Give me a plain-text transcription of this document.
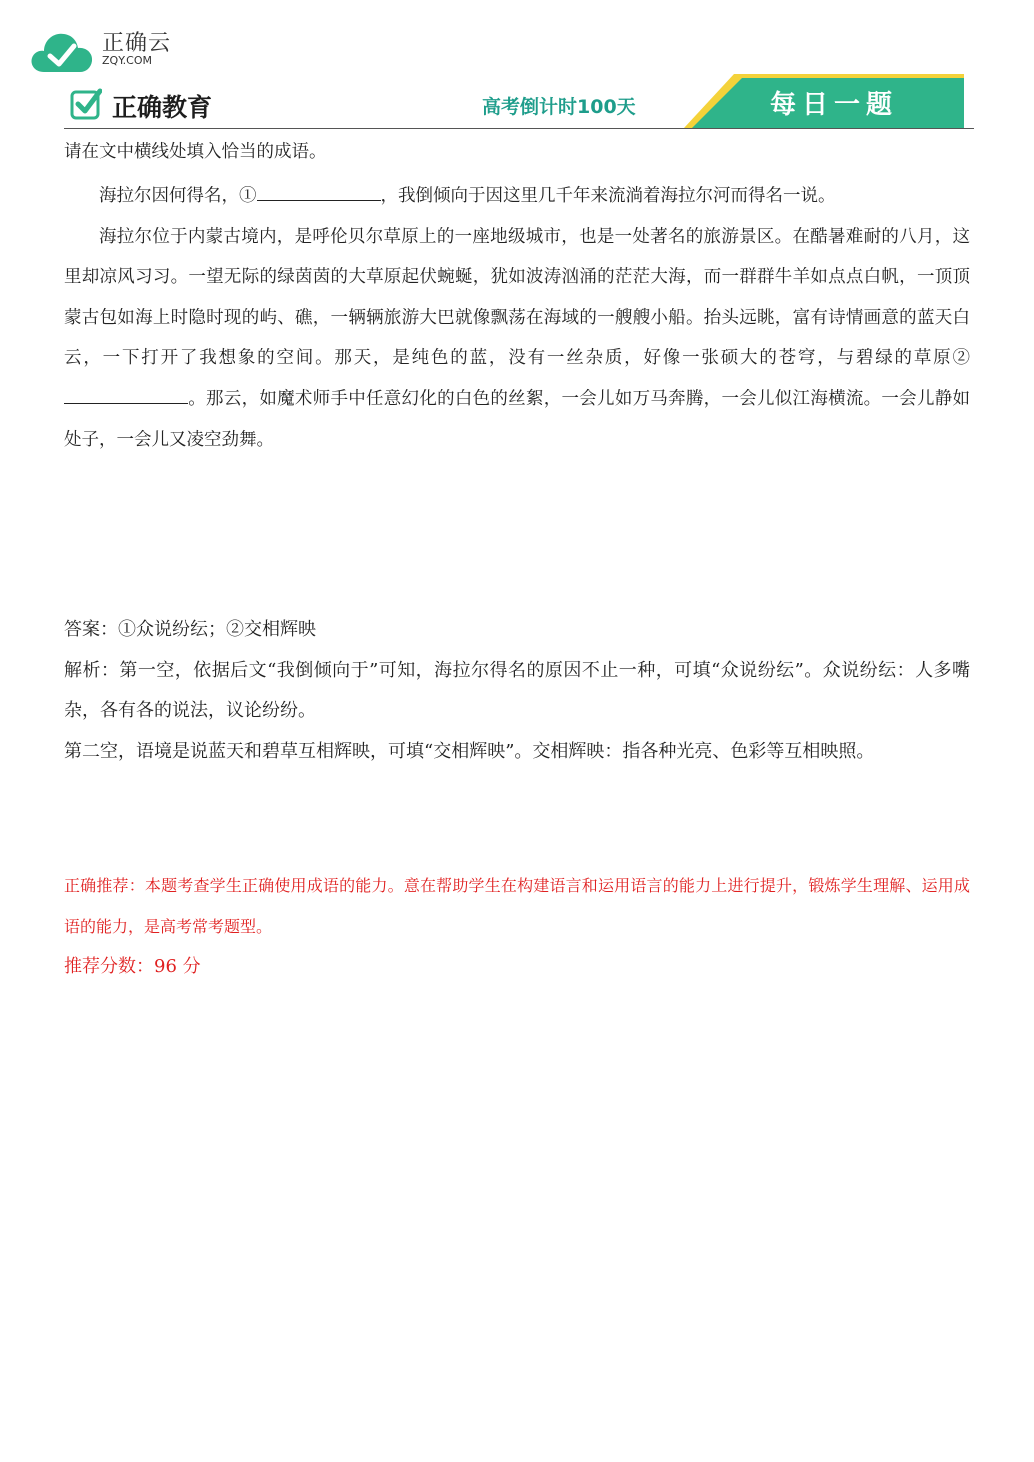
正确云
ZQY.COM
正确教育	高考倒计时100天	每日一题

请在文中横线处填入恰当的成语。

海拉尔因何得名，①	，我倒倾向于因这里几千年来流淌着海拉尔河而得名一说。

海拉尔位于内蒙古境内，是呼伦贝尔草原上的一座地级城市，也是一处著名的旅游景区。在酷暑难耐的八月，这里却凉风习习。一望无际的绿茵茵的大草原起伏蜿蜒，犹如波涛汹涌的茫茫大海，而一群群牛羊如点点白帆，一顶顶蒙古包如海上时隐时现的屿、礁，一辆辆旅游大巴就像飘荡在海域的一艘艘小船。抬头远眺，富有诗情画意的蓝天白云，一下打开了我想象的空间。那天，是纯色的蓝，没有一丝杂质，好像一张硕大的苍穹，与碧绿的草原②。那云，如魔术师手中任意幻化的白色的丝絮，一会儿如万马奔腾，一会儿似江海横流。一会儿静如处子，一会儿又凌空劲舞。

答案：①众说纷纭；②交相辉映

解析：第一空，依据后文“我倒倾向于”可知，海拉尔得名的原因不止一种，可填“众说纷纭”。众说纷纭：人多嘴杂，各有各的说法，议论纷纷。

第二空，语境是说蓝天和碧草互相辉映，可填“交相辉映”。交相辉映：指各种光亮、色彩等互相映照。

正确推荐：本题考查学生正确使用成语的能力。意在帮助学生在构建语言和运用语言的能力上进行提升，锻炼学生理解、运用成语的能力，是高考常考题型。

推荐分数：96 分
